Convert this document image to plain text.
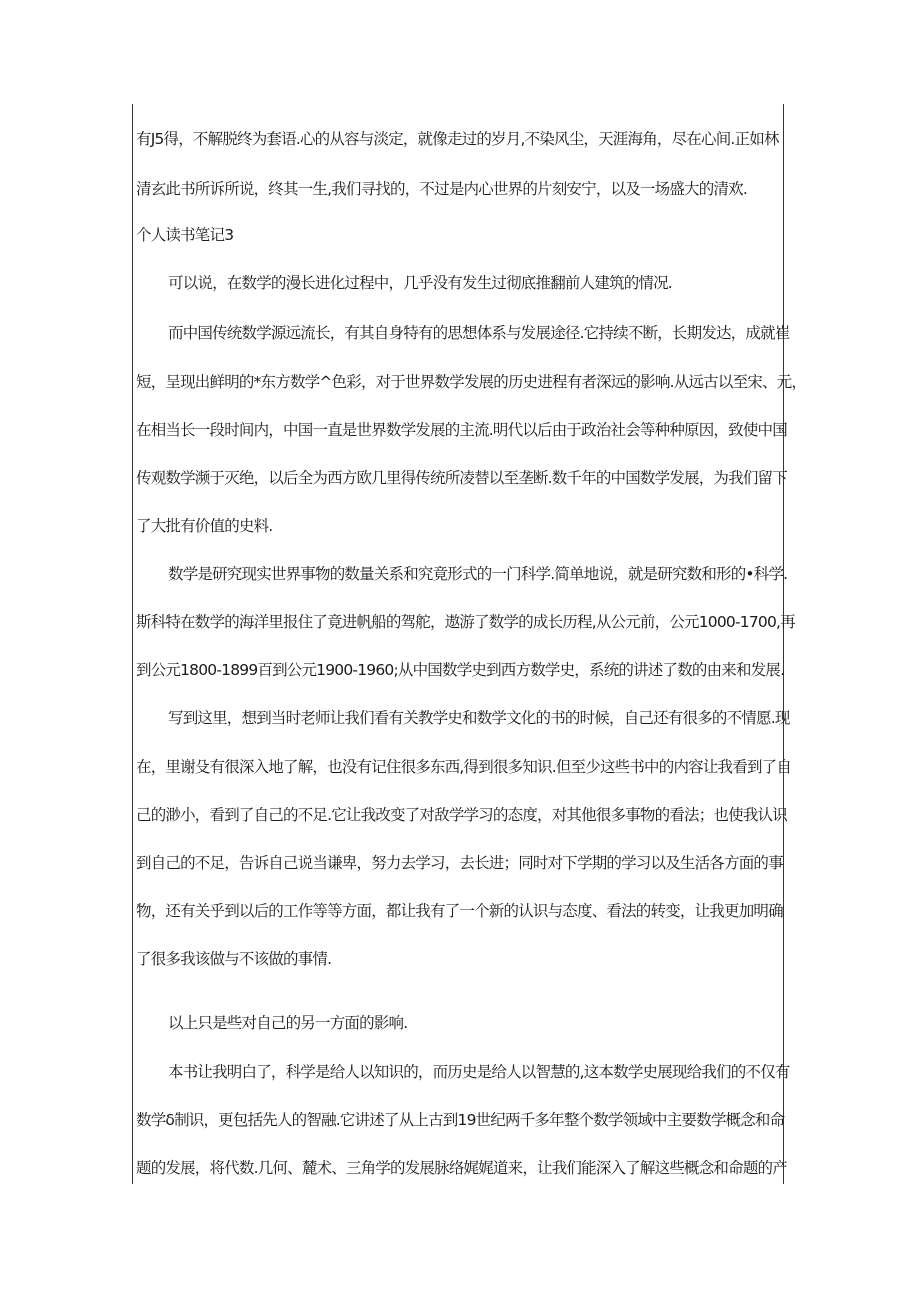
有J5得，不解脱终为套语.心的从容与淡定，就像走过的岁月,不染风尘，天涯海角，尽在心间.正如林
清玄此书所诉所说，终其一生,我们寻找的，不过是内心世界的片刻安宁，以及一场盛大的清欢.
个人读书笔记3
可以说，在数学的漫长进化过程中，几乎没有发生过彻底推翻前人建筑的情况.
而中国传统数学源远流长，有其自身特有的思想体系与发展途径.它持续不断，长期发达，成就崔
短，呈现出鲜明的*东方数学^色彩，对于世界数学发展的历史进程有者深远的影响.从远古以至宋、元，
在相当长一段时间内，中国一直是世界数学发展的主流.明代以后由于政治社会等种种原因，致使中国
传观数学濒于灭绝，以后全为西方欧几里得传统所凌替以至垄断.数千年的中国数学发展，为我们留下
了大批有价值的史料.
数学是研究现实世界事物的数量关系和究竟形式的一门科学.简单地说，就是研究数和形的•科学.
斯科特在数学的海洋里报住了竟进帆船的驾舵，遨游了数学的成长历程,从公元前，公元1000-1700,再
到公元1800-1899百到公元1900-1960;从中国数学史到西方数学史，系统的讲述了数的由来和发展.
写到这里，想到当时老师让我们看有关教学史和数学文化的书的时候，自己还有很多的不情愿.现
在，里谢殳有很深入地了解，也没有记住很多东西,得到很多知识.但至少这些书中的内容让我看到了自
己的渺小，看到了自己的不足.它让我改变了对敌学学习的态度，对其他很多事物的看法；也使我认识
到自己的不足，告诉自己说当谦卑，努力去学习，去长进；同时对下学期的学习以及生活各方面的事
物，还有关乎到以后的工作等等方面，都让我有了一个新的认识与态度、看法的转变，让我更加明确
了很多我该做与不该做的事情.
以上只是些对自己的另一方面的影响.
本书让我明白了，科学是给人以知识的，而历史是给人以智慧的,这本数学史展现给我们的不仅有
数学δ制识，更包括先人的智融.它讲述了从上古到19世纪两千多年整个数学领域中主要数学概念和命
题的发展，将代数.几何、麓术、三角学的发展脉络娓娓道来，让我们能深入了解这些概念和命题的产
